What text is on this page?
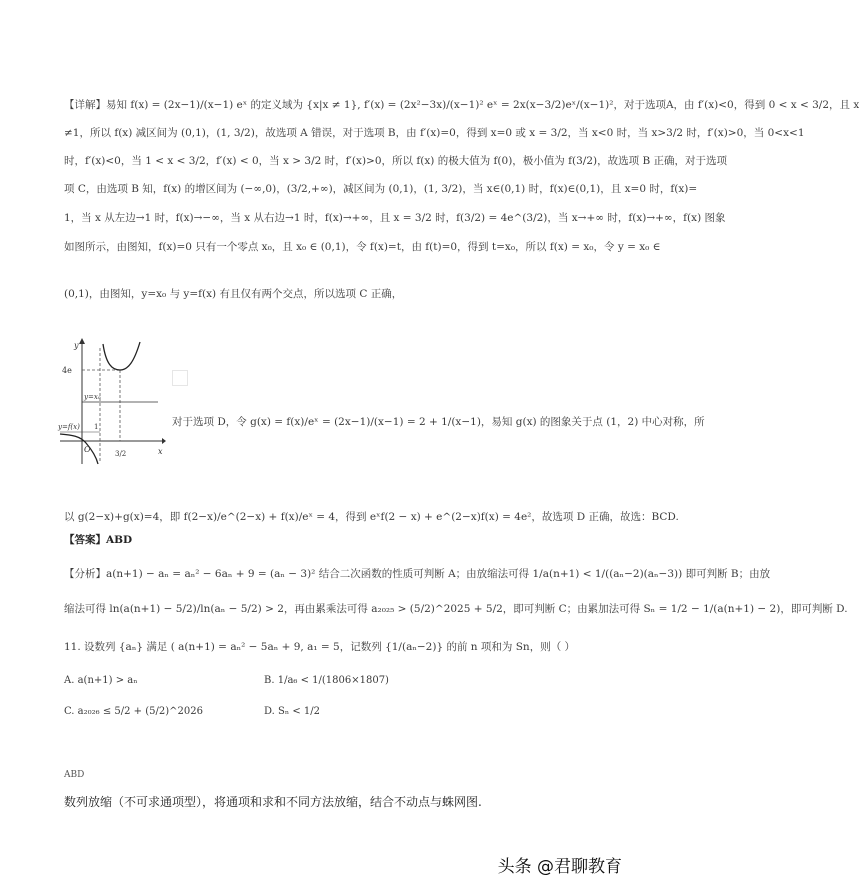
【详解】易知 f(x) = (2x−1)/(x−1) eˣ 的定义域为 {x|x ≠ 1}, f′(x) = (2x²−3x)/(x−1)² eˣ = 2x(x−3/2)eˣ/(x−1)²，对于选项A，由 f′(x)<0，得到 0 < x < 3/2，且 x
≠1，所以 f(x) 减区间为 (0,1)，(1, 3/2)，故选项 A 错误，对于选项 B，由 f′(x)=0，得到 x=0 或 x = 3/2，当 x<0 时，当 x>3/2 时，f′(x)>0，当 0<x<1
时，f′(x)<0，当 1 < x < 3/2，f′(x) < 0，当 x > 3/2 时，f′(x)>0，所以 f(x) 的极大值为 f(0)，极小值为 f(3/2)，故选项 B 正确，对于选项
项 C，由选项 B 知，f(x) 的增区间为 (−∞,0)，(3/2,+∞)，减区间为 (0,1)，(1, 3/2)，当 x∈(0,1) 时，f(x)∈(0,1)，且 x=0 时，f(x)=
1，当 x 从左边→1 时，f(x)→−∞，当 x 从右边→1 时，f(x)→+∞，且 x = 3/2 时，f(3/2) = 4e^(3/2)，当 x→+∞ 时，f(x)→+∞，f(x) 图象
如图所示，由图知，f(x)=0 只有一个零点 x₀，且 x₀ ∈ (0,1)，令 f(x)=t，由 f(t)=0，得到 t=x₀，所以 f(x) = x₀，令 y = x₀ ∈
(0,1)，由图知，y=x₀ 与 y=f(x) 有且仅有两个交点，所以选项 C 正确，
y
x
O
4e
3/2
y=x₀
y=f(x) 1	对于选项 D，令 g(x) = f(x)/eˣ = (2x−1)/(x−1) = 2 + 1/(x−1)，易知 g(x) 的图象关于点 (1，2) 中心对称，所
以 g(2−x)+g(x)=4，即 f(2−x)/e^(2−x) + f(x)/eˣ = 4，得到 eˣf(2 − x) + e^(2−x)f(x) = 4e²，故选项 D 正确，故选：BCD.
【答案】ABD
【分析】a(n+1) − aₙ = aₙ² − 6aₙ + 9 = (aₙ − 3)² 结合二次函数的性质可判断 A；由放缩法可得 1/a(n+1) < 1/((aₙ−2)(aₙ−3)) 即可判断 B；由放
缩法可得 ln(a(n+1) − 5/2)/ln(aₙ − 5/2) > 2，再由累乘法可得 a₂₀₂₅ > (5/2)^2025 + 5/2，即可判断 C；由累加法可得 Sₙ = 1/2 − 1/(a(n+1) − 2)，即可判断 D.
11. 设数列 {aₙ} 满足 ( a(n+1) = aₙ² − 5aₙ + 9, a₁ = 5，记数列 {1/(aₙ−2)} 的前 n 项和为 Sn，则（ ）
A. a(n+1) > aₙ	B. 1/a₆ < 1/(1806×1807)
C. a₂₀₂₆ ≤ 5/2 + (5/2)^2026	D. Sₙ < 1/2
ABD
数列放缩（不可求通项型），将通项和求和不同方法放缩，结合不动点与蛛网图.
头条 @君聊教育
